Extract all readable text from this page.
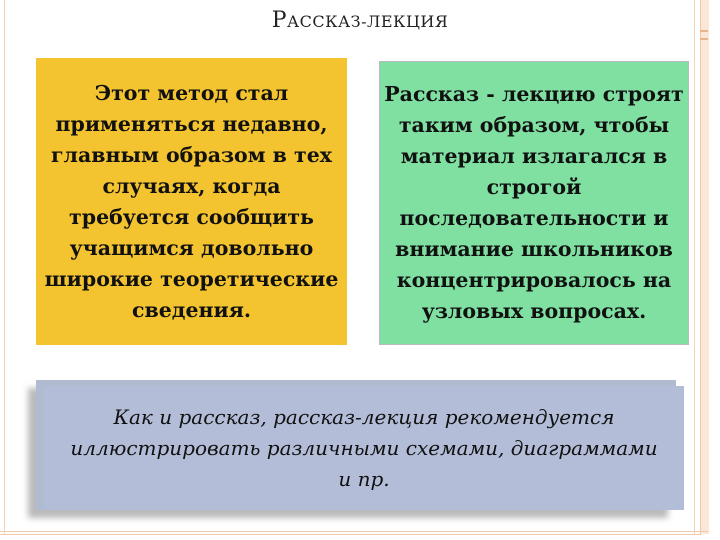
РАССКАЗ-ЛЕКЦИЯ
Этот метод стал применяться недавно, главным образом в тех случаях, когда требуется сообщить учащимся довольно широкие теоретические сведения.
Рассказ - лекцию строят таким образом, чтобы материал излагался в строгой последовательности и внимание школьников концентрировалось на узловых вопросах.
Как и рассказ, рассказ-лекция рекомендуется иллюстрировать различными схемами, диаграммами и пр.
